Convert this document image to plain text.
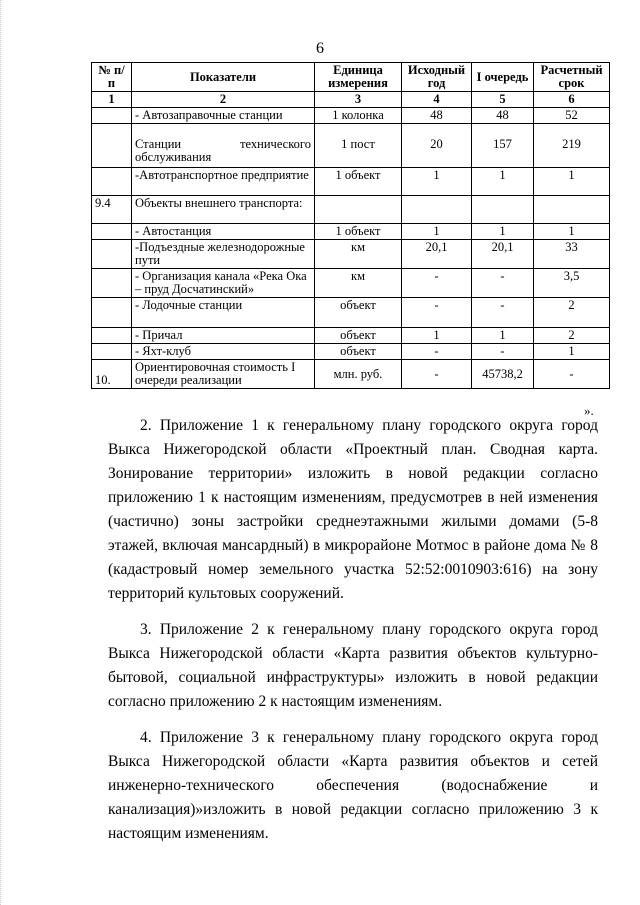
6
№ п/п	Показатели	Единица измерения	Исходный год	I очередь	Расчетный срок
1	2	3	4	5	6
	- Автозаправочные станции	1 колонка	48	48	52

	Станции технического обслуживания	1 пост	20	157	219
	-Автотранспортное предприятие	1 объект	1	1	1
9.4	Объекты внешнего транспорта:				
	- Автостанция	1 объект	1	1	1
	-Подъездные железнодорожные пути	км	20,1	20,1	33
	- Организация канала «Река Ока – пруд Досчатинский»	км	-	-	3,5
	- Лодочные станции	объект	-	-	2
	- Причал	объект	1	1	2
	- Яхт-клуб	объект	-	-	1
10.	Ориентировочная стоимость I очереди реализации	млн. руб.	-	45738,2	-
».

2. Приложение 1 к генеральному плану городского округа город Выкса Нижегородской области «Проектный план. Сводная карта. Зонирование территории» изложить в новой редакции согласно приложению 1 к настоящим изменениям, предусмотрев в ней изменения (частично) зоны застройки среднеэтажными жилыми домами (5-8 этажей, включая мансардный) в микрорайоне Мотмос в районе дома № 8 (кадастровый номер земельного участка 52:52:0010903:616) на зону территорий культовых сооружений.

3. Приложение 2 к генеральному плану городского округа город Выкса Нижегородской области «Карта развития объектов культурно-бытовой, социальной инфраструктуры» изложить в новой редакции согласно приложению 2 к настоящим изменениям.

4. Приложение 3 к генеральному плану городского округа город Выкса Нижегородской области «Карта развития объектов и сетей инженерно-технического обеспечения (водоснабжение и канализация)»изложить в новой редакции согласно приложению 3 к настоящим изменениям.
